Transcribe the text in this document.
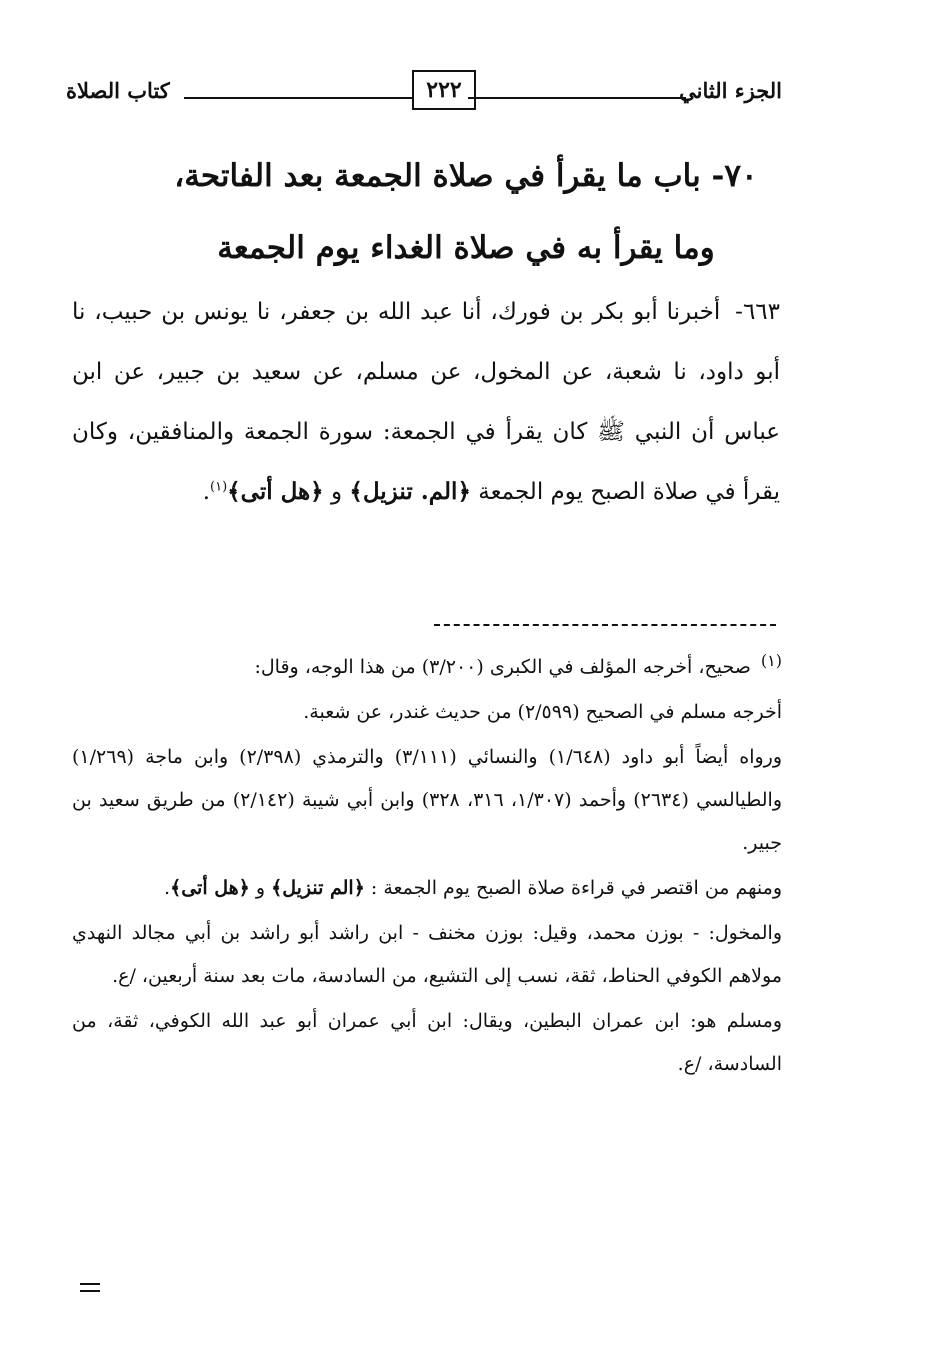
الجزء الثاني
٢٢٢
كتاب الصلاة
٧٠- باب ما يقرأ في صلاة الجمعة بعد الفاتحة،
وما يقرأ به في صلاة الغداء يوم الجمعة

٦٦٣- أخبرنا أبو بكر بن فورك، أنا عبد الله بن جعفر، نا يونس بن حبيب، نا أبو داود، نا شعبة، عن المخول، عن مسلم، عن سعيد بن جبير، عن ابن عباس أن النبي ﷺ كان يقرأ في الجمعة: سورة الجمعة والمنافقين، وكان يقرأ في صلاة الصبح يوم الجمعة ﴿الم. تنزيل﴾ و ﴿هل أتى﴾$^{(١)}$.

$^{(١)}$ صحيح، أخرجه المؤلف في الكبرى (٣/٢٠٠) من هذا الوجه، وقال:

أخرجه مسلم في الصحيح (٢/٥٩٩) من حديث غندر، عن شعبة.

ورواه أيضاً أبو داود (١/٦٤٨) والنسائي (٣/١١١) والترمذي (٢/٣٩٨) وابن ماجة (١/٢٦٩) والطيالسي (٢٦٣٤) وأحمد (١/٣٠٧، ٣١٦، ٣٢٨) وابن أبي شيبة (٢/١٤٢) من طريق سعيد بن جبير.

ومنهم من اقتصر في قراءة صلاة الصبح يوم الجمعة : ﴿الم تنزيل﴾ و ﴿هل أتى﴾.

والمخول: - بوزن محمد، وقيل: بوزن مخنف - ابن راشد أبو راشد بن أبي مجالد النهدي مولاهم الكوفي الحناط، ثقة، نسب إلى التشيع، من السادسة، مات بعد سنة أربعين، /ع.

ومسلم هو: ابن عمران البطين، ويقال: ابن أبي عمران أبو عبد الله الكوفي، ثقة، من السادسة، /ع.
